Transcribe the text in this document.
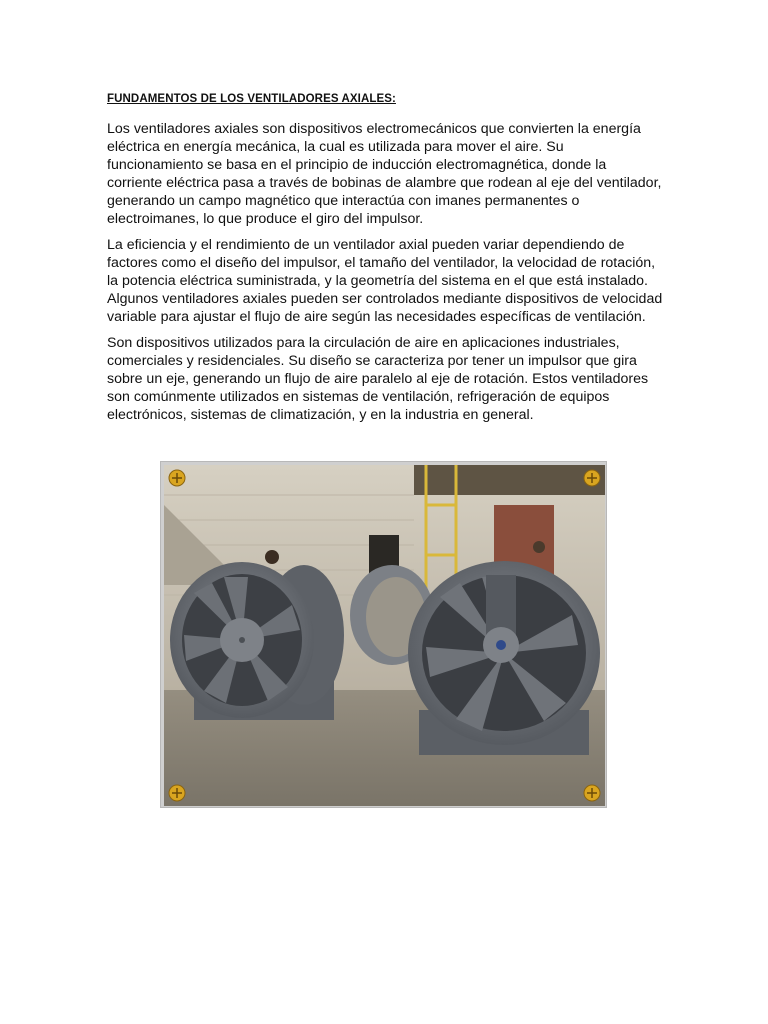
FUNDAMENTOS DE LOS VENTILADORES AXIALES:

Los ventiladores axiales son dispositivos electromecánicos que convierten la energía eléctrica en energía mecánica, la cual es utilizada para mover el aire. Su funcionamiento se basa en el principio de inducción electromagnética, donde la corriente eléctrica pasa a través de bobinas de alambre que rodean al eje del ventilador, generando un campo magnético que interactúa con imanes permanentes o electroimanes, lo que produce el giro del impulsor.

La eficiencia y el rendimiento de un ventilador axial pueden variar dependiendo de factores como el diseño del impulsor, el tamaño del ventilador, la velocidad de rotación, la potencia eléctrica suministrada, y la geometría del sistema en el que está instalado. Algunos ventiladores axiales pueden ser controlados mediante dispositivos de velocidad variable para ajustar el flujo de aire según las necesidades específicas de ventilación.

Son dispositivos utilizados para la circulación de aire en aplicaciones industriales, comerciales y residenciales. Su diseño se caracteriza por tener un impulsor que gira sobre un eje, generando un flujo de aire paralelo al eje de rotación. Estos ventiladores son comúnmente utilizados en sistemas de ventilación, refrigeración de equipos electrónicos, sistemas de climatización, y en la industria en general.
